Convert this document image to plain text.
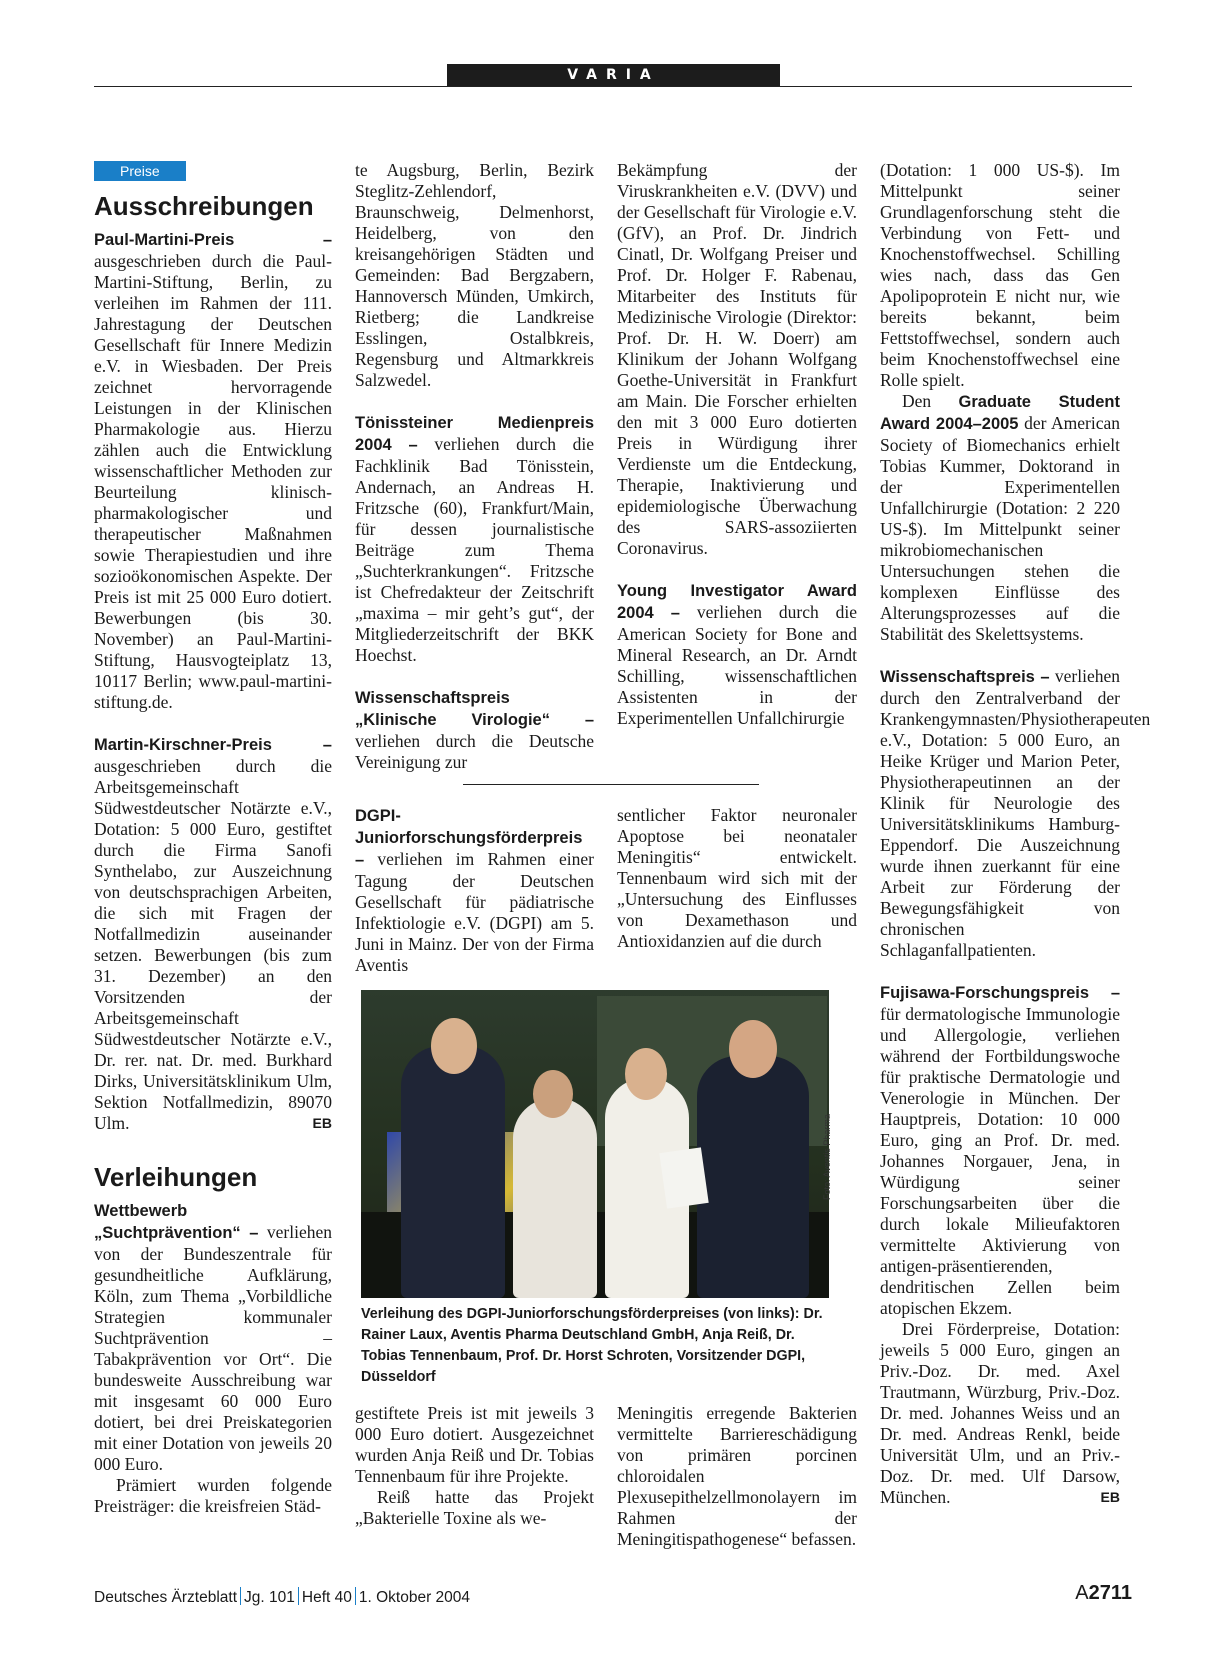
VARIA
Preise
Ausschreibungen

Paul-Martini-Preis – ausgeschrieben durch die Paul-Martini-Stiftung, Berlin, zu verleihen im Rahmen der 111. Jahrestagung der Deutschen Gesellschaft für Innere Medizin e.V. in Wiesbaden. Der Preis zeichnet hervorragende Leistungen in der Klinischen Pharmakologie aus. Hierzu zählen auch die Entwicklung wissenschaftlicher Methoden zur Beurteilung klinisch-pharmakologischer und therapeutischer Maßnahmen sowie Therapiestudien und ihre sozioökonomischen Aspekte. Der Preis ist mit 25 000 Euro dotiert. Bewerbungen (bis 30. November) an Paul-Martini-Stiftung, Hausvogteiplatz 13, 10117 Berlin; www.paul-martini-stiftung.de.

Martin-Kirschner-Preis – ausgeschrieben durch die Arbeitsgemeinschaft Südwestdeutscher Notärzte e.V., Dotation: 5 000 Euro, gestiftet durch die Firma Sanofi Synthelabo, zur Auszeichnung von deutschsprachigen Arbeiten, die sich mit Fragen der Notfallmedizin auseinander setzen. Bewerbungen (bis zum 31. Dezember) an den Vorsitzenden der Arbeitsgemeinschaft Südwestdeutscher Notärzte e.V., Dr. rer. nat. Dr. med. Burkhard Dirks, Universitätsklinikum Ulm, Sektion Notfallmedizin, 89070 Ulm.	EB

Verleihungen

Wettbewerb „Suchtprävention“ – verliehen von der Bundeszentrale für gesundheitliche Aufklärung, Köln, zum Thema „Vorbildliche Strategien kommunaler Suchtprävention – Tabakprävention vor Ort“. Die bundesweite Ausschreibung war mit insgesamt 60 000 Euro dotiert, bei drei Preiskategorien mit einer Dotation von jeweils 20 000 Euro.

Prämiert wurden folgende Preisträger: die kreisfreien Städ-

te Augsburg, Berlin, Bezirk Steglitz-Zehlendorf, Braunschweig, Delmenhorst, Heidelberg, von den kreisangehörigen Städten und Gemeinden: Bad Bergzabern, Hannoversch Münden, Umkirch, Rietberg; die Landkreise Esslingen, Ostalbkreis, Regensburg und Altmarkkreis Salzwedel.

Tönissteiner Medienpreis 2004 – verliehen durch die Fachklinik Bad Tönisstein, Andernach, an Andreas H. Fritzsche (60), Frankfurt/Main, für dessen journalistische Beiträge zum Thema „Suchterkrankungen“. Fritzsche ist Chefredakteur der Zeitschrift „maxima – mir geht’s gut“, der Mitgliederzeitschrift der BKK Hoechst.

Wissenschaftspreis „Klinische Virologie“ – verliehen durch die Deutsche Vereinigung zur

Bekämpfung der Viruskrankheiten e.V. (DVV) und der Gesellschaft für Virologie e.V. (GfV), an Prof. Dr. Jindrich Cinatl, Dr. Wolfgang Preiser und Prof. Dr. Holger F. Rabenau, Mitarbeiter des Instituts für Medizinische Virologie (Direktor: Prof. Dr. H. W. Doerr) am Klinikum der Johann Wolfgang Goethe-Universität in Frankfurt am Main. Die Forscher erhielten den mit 3 000 Euro dotierten Preis in Würdigung ihrer Verdienste um die Entdeckung, Therapie, Inaktivierung und epidemiologische Überwachung des SARS-assoziierten Coronavirus.

Young Investigator Award 2004 – verliehen durch die American Society for Bone and Mineral Research, an Dr. Arndt Schilling, wissenschaftlichen Assistenten in der Experimentellen Unfallchirurgie

(Dotation: 1 000 US-$). Im Mittelpunkt seiner Grundlagenforschung steht die Verbindung von Fett- und Knochenstoffwechsel. Schilling wies nach, dass das Gen Apolipoprotein E nicht nur, wie bereits bekannt, beim Fettstoffwechsel, sondern auch beim Knochenstoffwechsel eine Rolle spielt.

Den Graduate Student Award 2004–2005 der American Society of Biomechanics erhielt Tobias Kummer, Doktorand in der Experimentellen Unfallchirurgie (Dotation: 2 220 US-$). Im Mittelpunkt seiner mikrobiomechanischen Untersuchungen stehen die komplexen Einflüsse des Alterungsprozesses auf die Stabilität des Skelettsystems.

Wissenschaftspreis – verliehen durch den Zentralverband der Krankengymnasten/Physiotherapeuten e.V., Dotation: 5 000 Euro, an Heike Krüger und Marion Peter, Physiotherapeutinnen an der Klinik für Neurologie des Universitätsklinikums Hamburg-Eppendorf. Die Auszeichnung wurde ihnen zuerkannt für eine Arbeit zur Förderung der Bewegungsfähigkeit von chronischen Schlaganfallpatienten.

Fujisawa-Forschungspreis – für dermatologische Immunologie und Allergologie, verliehen während der Fortbildungswoche für praktische Dermatologie und Venerologie in München. Der Hauptpreis, Dotation: 10 000 Euro, ging an Prof. Dr. med. Johannes Norgauer, Jena, in Würdigung seiner Forschungsarbeiten über die durch lokale Milieufaktoren vermittelte Aktivierung von antigen-präsentierenden, dendritischen Zellen beim atopischen Ekzem.

Drei Förderpreise, Dotation: jeweils 5 000 Euro, gingen an Priv.-Doz. Dr. med. Axel Trautmann, Würzburg, Priv.-Doz. Dr. med. Johannes Weiss und an Dr. med. Andreas Renkl, beide Universität Ulm, und an Priv.-Doz. Dr. med. Ulf Darsow, München.	EB

DGPI-Juniorforschungsförderpreis – verliehen im Rahmen einer Tagung der Deutschen Gesellschaft für pädiatrische Infektiologie e.V. (DGPI) am 5. Juni in Mainz. Der von der Firma Aventis

sentlicher Faktor neuronaler Apoptose bei neonataler Meningitis“ entwickelt. Tennenbaum wird sich mit der „Untersuchung des Einflusses von Dexamethason und Antioxidanzien auf die durch

Foto: Aventis Pharma

Verleihung des DGPI-Juniorforschungsförderpreises (von links): Dr. Rainer Laux, Aventis Pharma Deutschland GmbH, Anja Reiß, Dr. Tobias Tennenbaum, Prof. Dr. Horst Schroten, Vorsitzender DGPI, Düsseldorf

gestiftete Preis ist mit jeweils 3 000 Euro dotiert. Ausgezeichnet wurden Anja Reiß und Dr. Tobias Tennenbaum für ihre Projekte.

Reiß hatte das Projekt „Bakterielle Toxine als we-

Meningitis erregende Bakterien vermittelte Barriereschädigung von primären porcinen chloroidalen Plexusepithelzellmonolayern im Rahmen der Meningitispathogenese“ befassen.

Deutsches Ärzteblatt Jg. 101 Heft 40 1. Oktober 2004	A2711
